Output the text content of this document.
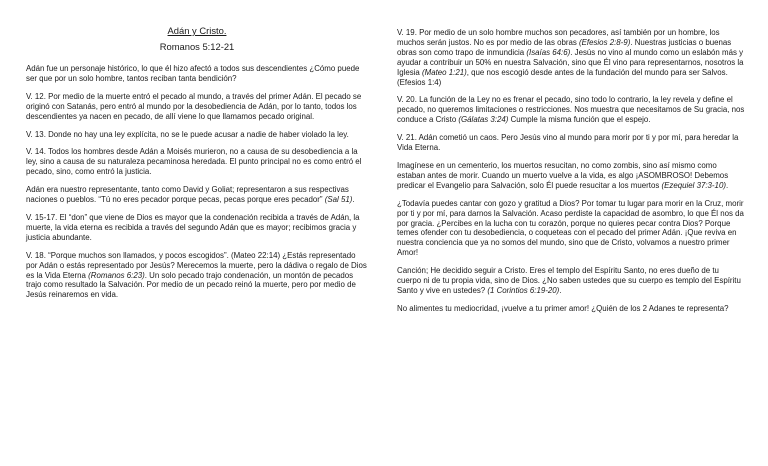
Adán y Cristo.
Romanos 5:12-21

Adán fue un personaje histórico, lo que él hizo afectó a todos sus descendientes ¿Cómo puede ser que por un solo hombre, tantos reciban tanta bendición?

V. 12. Por medio de la muerte entró el pecado al mundo, a través del primer Adán. El pecado se originó con Satanás, pero entró al mundo por la desobediencia de Adán, por lo tanto, todos los descendientes ya nacen en pecado, de allí viene lo que llamamos pecado original.

V. 13. Donde no hay una ley explícita, no se le puede acusar a nadie de haber violado la ley.

V. 14. Todos los hombres desde Adán a Moisés murieron, no a causa de su desobediencia a la ley, sino a causa de su naturaleza pecaminosa heredada. El punto principal no es como entró el pecado, sino, como entró la justicia.

Adán era nuestro representante, tanto como David y Goliat; representaron a sus respectivas naciones o pueblos. “Tú no eres pecador porque pecas, pecas porque eres pecador” (Sal 51).

V. 15-17. El “don” que viene de Dios es mayor que la condenación recibida a través de Adán, la muerte, la vida eterna es recibida a través del segundo Adán que es mayor; recibimos gracia y justicia abundante.

V. 18. “Porque muchos son llamados, y pocos escogidos”. (Mateo 22:14) ¿Estás representado por Adán o estás representado por Jesús? Merecemos la muerte, pero la dádiva o regalo de Dios es la Vida Eterna (Romanos 6:23). Un solo pecado trajo condenación, un montón de pecados trajo como resultado la Salvación. Por medio de un pecado reinó la muerte, pero por medio de Jesús reinaremos en vida.

V. 19. Por medio de un solo hombre muchos son pecadores, así también por un hombre, los muchos serán justos. No es por medio de las obras (Efesios 2:8-9). Nuestras justicias o buenas obras son como trapo de inmundicia (Isaías 64:6). Jesús no vino al mundo como un eslabón más y ayudar a contribuir un 50% en nuestra Salvación, sino que Él vino para representarnos, nosotros la Iglesia (Mateo 1:21), que nos escogió desde antes de la fundación del mundo para ser Salvos. (Efesios 1:4)

V. 20. La función de la Ley no es frenar el pecado, sino todo lo contrario, la ley revela y define el pecado, no queremos limitaciones o restricciones. Nos muestra que necesitamos de Su gracia, nos conduce a Cristo (Gálatas 3:24) Cumple la misma función que el espejo.

V. 21. Adán cometió un caos. Pero Jesús vino al mundo para morir por ti y por mí, para heredar la Vida Eterna.

Imagínese en un cementerio, los muertos resucitan, no como zombis, sino así mismo como estaban antes de morir. Cuando un muerto vuelve a la vida, es algo ¡ASOMBROSO! Debemos predicar el Evangelio para Salvación, solo Él puede resucitar a los muertos (Ezequiel 37:3-10).

¿Todavía puedes cantar con gozo y gratitud a Dios? Por tomar tu lugar para morir en la Cruz, morir por ti y por mí, para darnos la Salvación. Acaso perdiste la capacidad de asombro, lo que Él nos da por gracia. ¿Percibes en la lucha con tu corazón, porque no quieres pecar contra Dios? Porque temes ofender con tu desobediencia, o coqueteas con el pecado del primer Adán. ¡Que reviva en nuestra conciencia que ya no somos del mundo, sino que de Cristo, volvamos a nuestro primer Amor!

Canción; He decidido seguir a Cristo. Eres el templo del Espíritu Santo, no eres dueño de tu cuerpo ni de tu propia vida, sino de Dios. ¿No saben ustedes que su cuerpo es templo del Espíritu Santo y vive en ustedes? (1 Corintios 6:19-20).

No alimentes tu mediocridad, ¡vuelve a tu primer amor! ¿Quién de los 2 Adanes te representa?
